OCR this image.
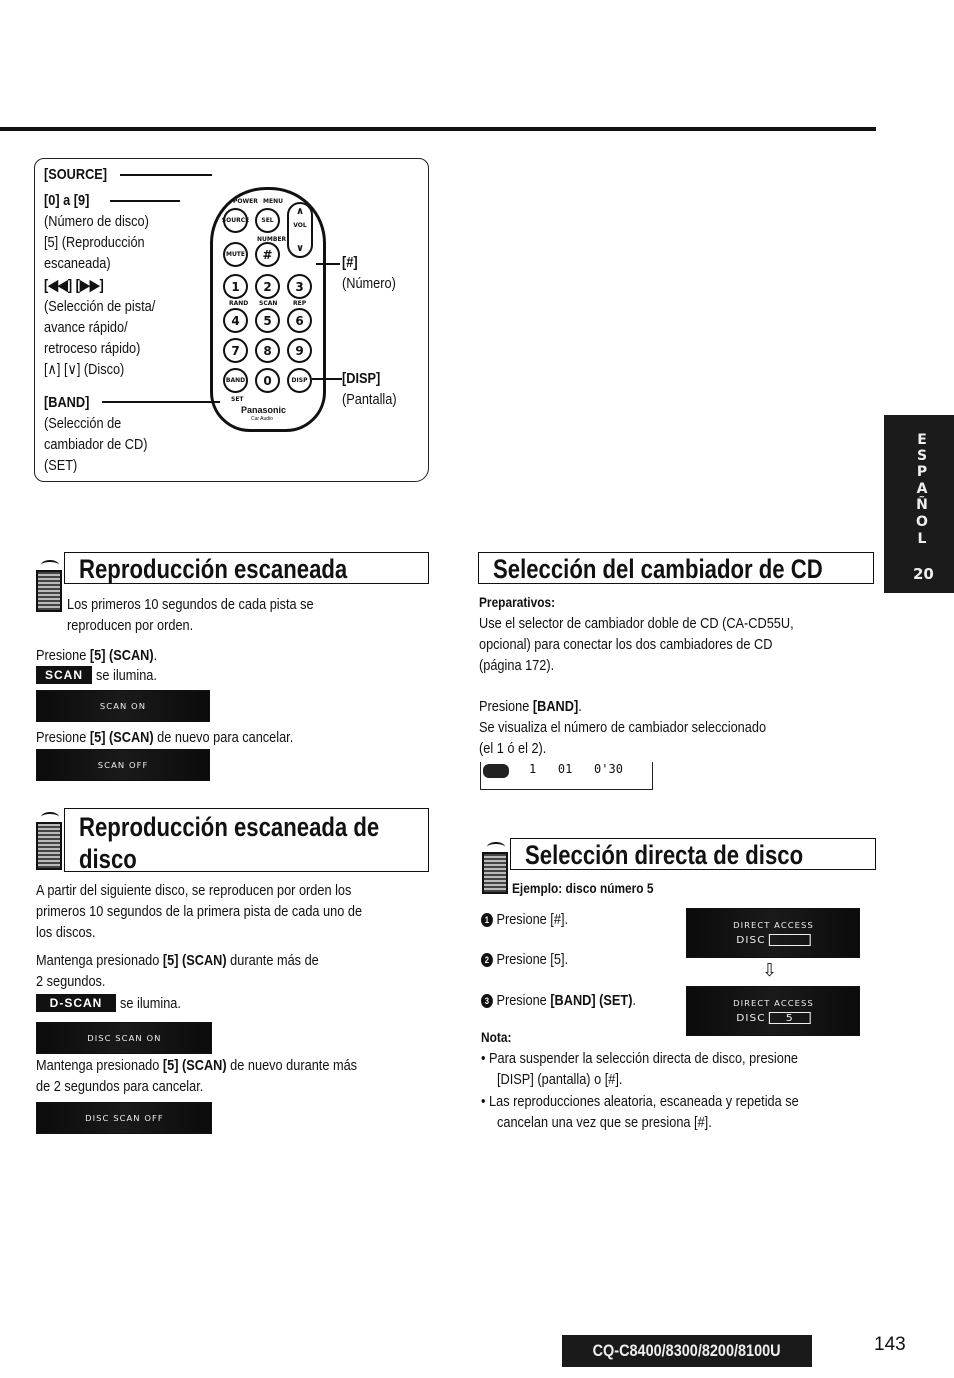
[SOURCE]
[0] a [9]
(Número de disco)
[5] (Reproducción
escaneada)
[◀◀] [▶▶]
(Selección de pista/
avance rápido/
retroceso rápido)
[∧] [∨] (Disco)
[BAND]
(Selección de
cambiador de CD)
(SET)
[#]
(Número)
[DISP]
(Pantalla)
POWER MENU
SOURCE	SEL
∧
VOL
∨
NUMBER
MUTE	#
1	2	3
RAND SCAN	REP
4	5	6
7	8	9
BAND	0	DISP
SET
Panasonic
Car Audio
Reproducción escaneada
Los primeros 10 segundos de cada pista se
reproducen por orden.
Presione [5] (SCAN).
SCAN se ilumina.
SCAN ON
Presione [5] (SCAN) de nuevo para cancelar.
SCAN OFF
Reproducción escaneada de
disco
A partir del siguiente disco, se reproducen por orden los
primeros 10 segundos de la primera pista de cada uno de
los discos.
Mantenga presionado [5] (SCAN) durante más de
2 segundos.
D-SCAN	se ilumina.
DISC SCAN ON
Mantenga presionado [5] (SCAN) de nuevo durante más
de 2 segundos para cancelar.
DISC SCAN OFF
Selección del cambiador de CD
Preparativos:
Use el selector de cambiador doble de CD (CA-CD55U,
opcional) para conectar los dos cambiadores de CD
(página 172).
Presione [BAND].
Se visualiza el número de cambiador seleccionado
(el 1 ó el 2).
1   01   0'30
Selección directa de disco
Ejemplo: disco número 5
1 Presione [#].
2 Presione [5].
3 Presione [BAND] (SET).
DIRECT ACCESS
DISC
⇩
DIRECT ACCESS
DISC 5
Nota:
• Para suspender la selección directa de disco, presione
[DISP] (pantalla) o [#].
• Las reproducciones aleatoria, escaneada y repetida se
cancelan una vez que se presiona [#].
E
S
P
A
Ñ
O
L
20
CQ-C8400/8300/8200/8100U	143
